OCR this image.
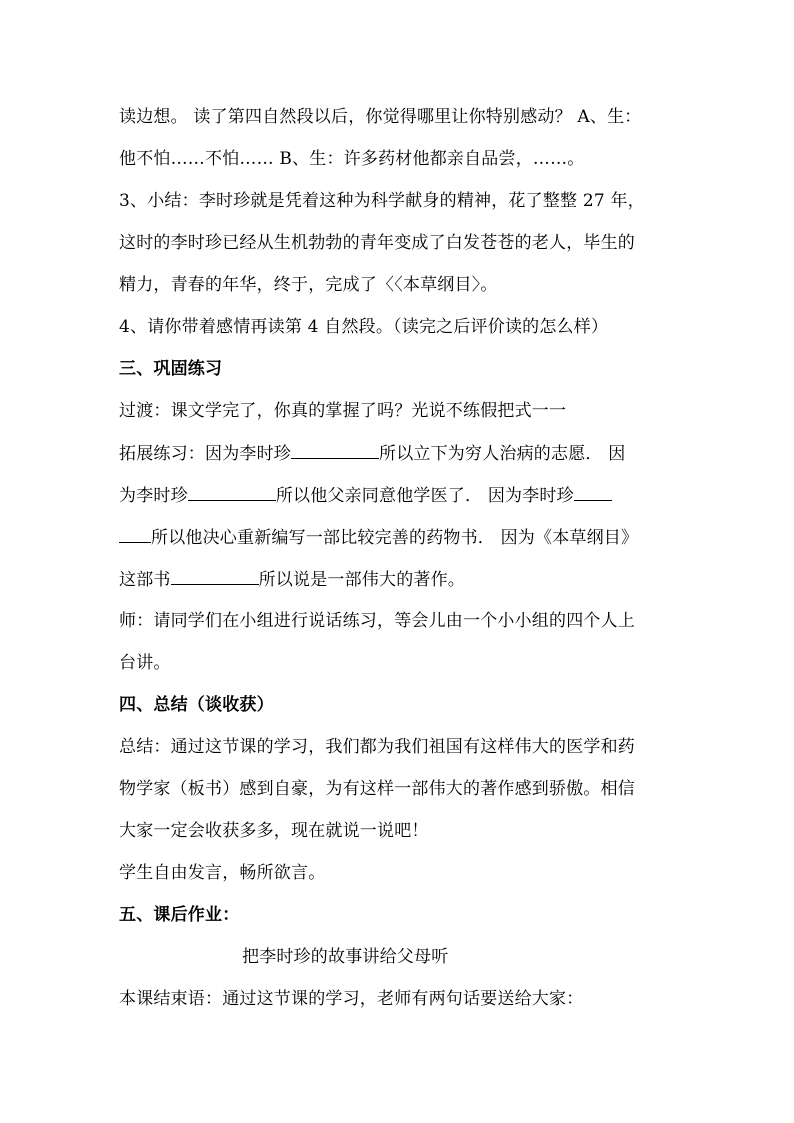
读边想。 读了第四自然段以后，你觉得哪里让你特别感动？ A、生：
他不怕……不怕…… B、生：许多药材他都亲自品尝，……。
3、小结：李时珍就是凭着这种为科学献身的精神，花了整整 27 年，
这时的李时珍已经从生机勃勃的青年变成了白发苍苍的老人，毕生的
精力，青春的年华，终于，完成了〈〈本草纲目〉。
4、请你带着感情再读第 4 自然段。（读完之后评价读的怎么样）
三、巩固练习
过渡：课文学完了，你真的掌握了吗？光说不练假把式一一
拓展练习：因为李时珍	所以立下为穷人治病的志愿． 因
为李时珍	所以他父亲同意他学医了． 因为李时珍
所以他决心重新编写一部比较完善的药物书． 因为《本草纲目》
这部书	所以说是一部伟大的著作。
师：请同学们在小组进行说话练习，等会儿由一个小小组的四个人上
台讲。
四、总结（谈收获）
总结：通过这节课的学习，我们都为我们祖国有这样伟大的医学和药
物学家（板书）感到自豪，为有这样一部伟大的著作感到骄傲。相信
大家一定会收获多多，现在就说一说吧！
学生自由发言，畅所欲言。
五、课后作业：
把李时珍的故事讲给父母听
本课结束语：通过这节课的学习，老师有两句话要送给大家：
